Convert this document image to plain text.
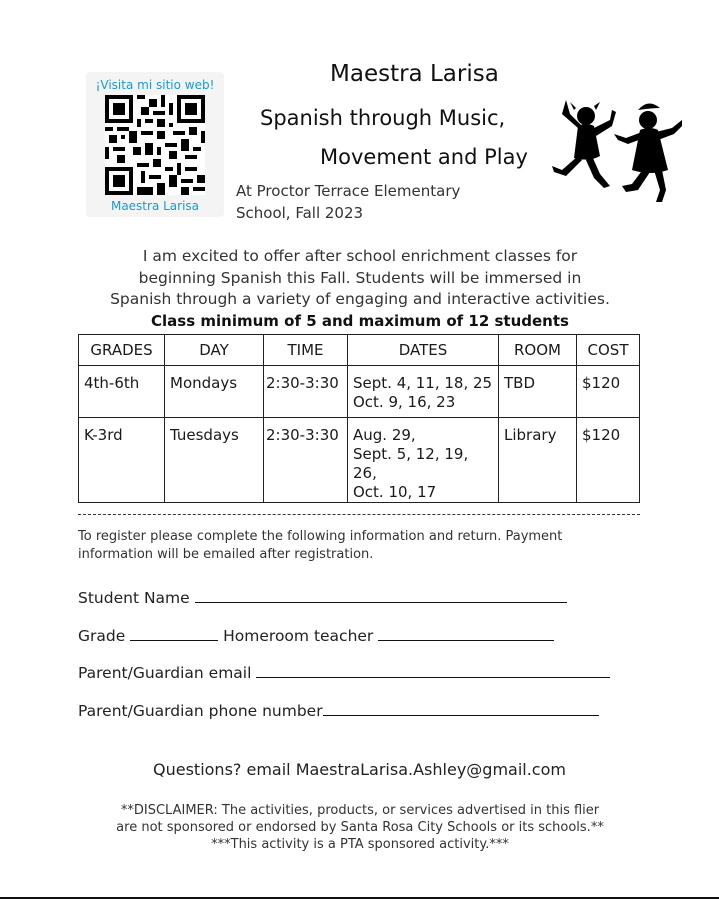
¡Visita mi sitio web!
Maestra Larisa
Maestra Larisa
Spanish through Music,
Movement and Play
At Proctor Terrace Elementary
School, Fall 2023
I am excited to offer after school enrichment classes for
beginning Spanish this Fall. Students will be immersed in
Spanish through a variety of engaging and interactive activities.
Class minimum of 5 and maximum of 12 students
GRADES	DAY	TIME	DATES	ROOM	COST
4th-6th	Mondays	2:30-3:30	Sept. 4, 11, 18, 25
Oct. 9, 16, 23	TBD	$120
K-3rd	Tuesdays	2:30-3:30	Aug. 29,
Sept. 5, 12, 19, 26,
Oct. 10, 17	Library	$120
To register please complete the following information and return. Payment
information will be emailed after registration.
Student Name
Grade	Homeroom teacher
Parent/Guardian email
Parent/Guardian phone number
Questions? email MaestraLarisa.Ashley@gmail.com
**DISCLAIMER: The activities, products, or services advertised in this flier
are not sponsored or endorsed by Santa Rosa City Schools or its schools.**
***This activity is a PTA sponsored activity.***
